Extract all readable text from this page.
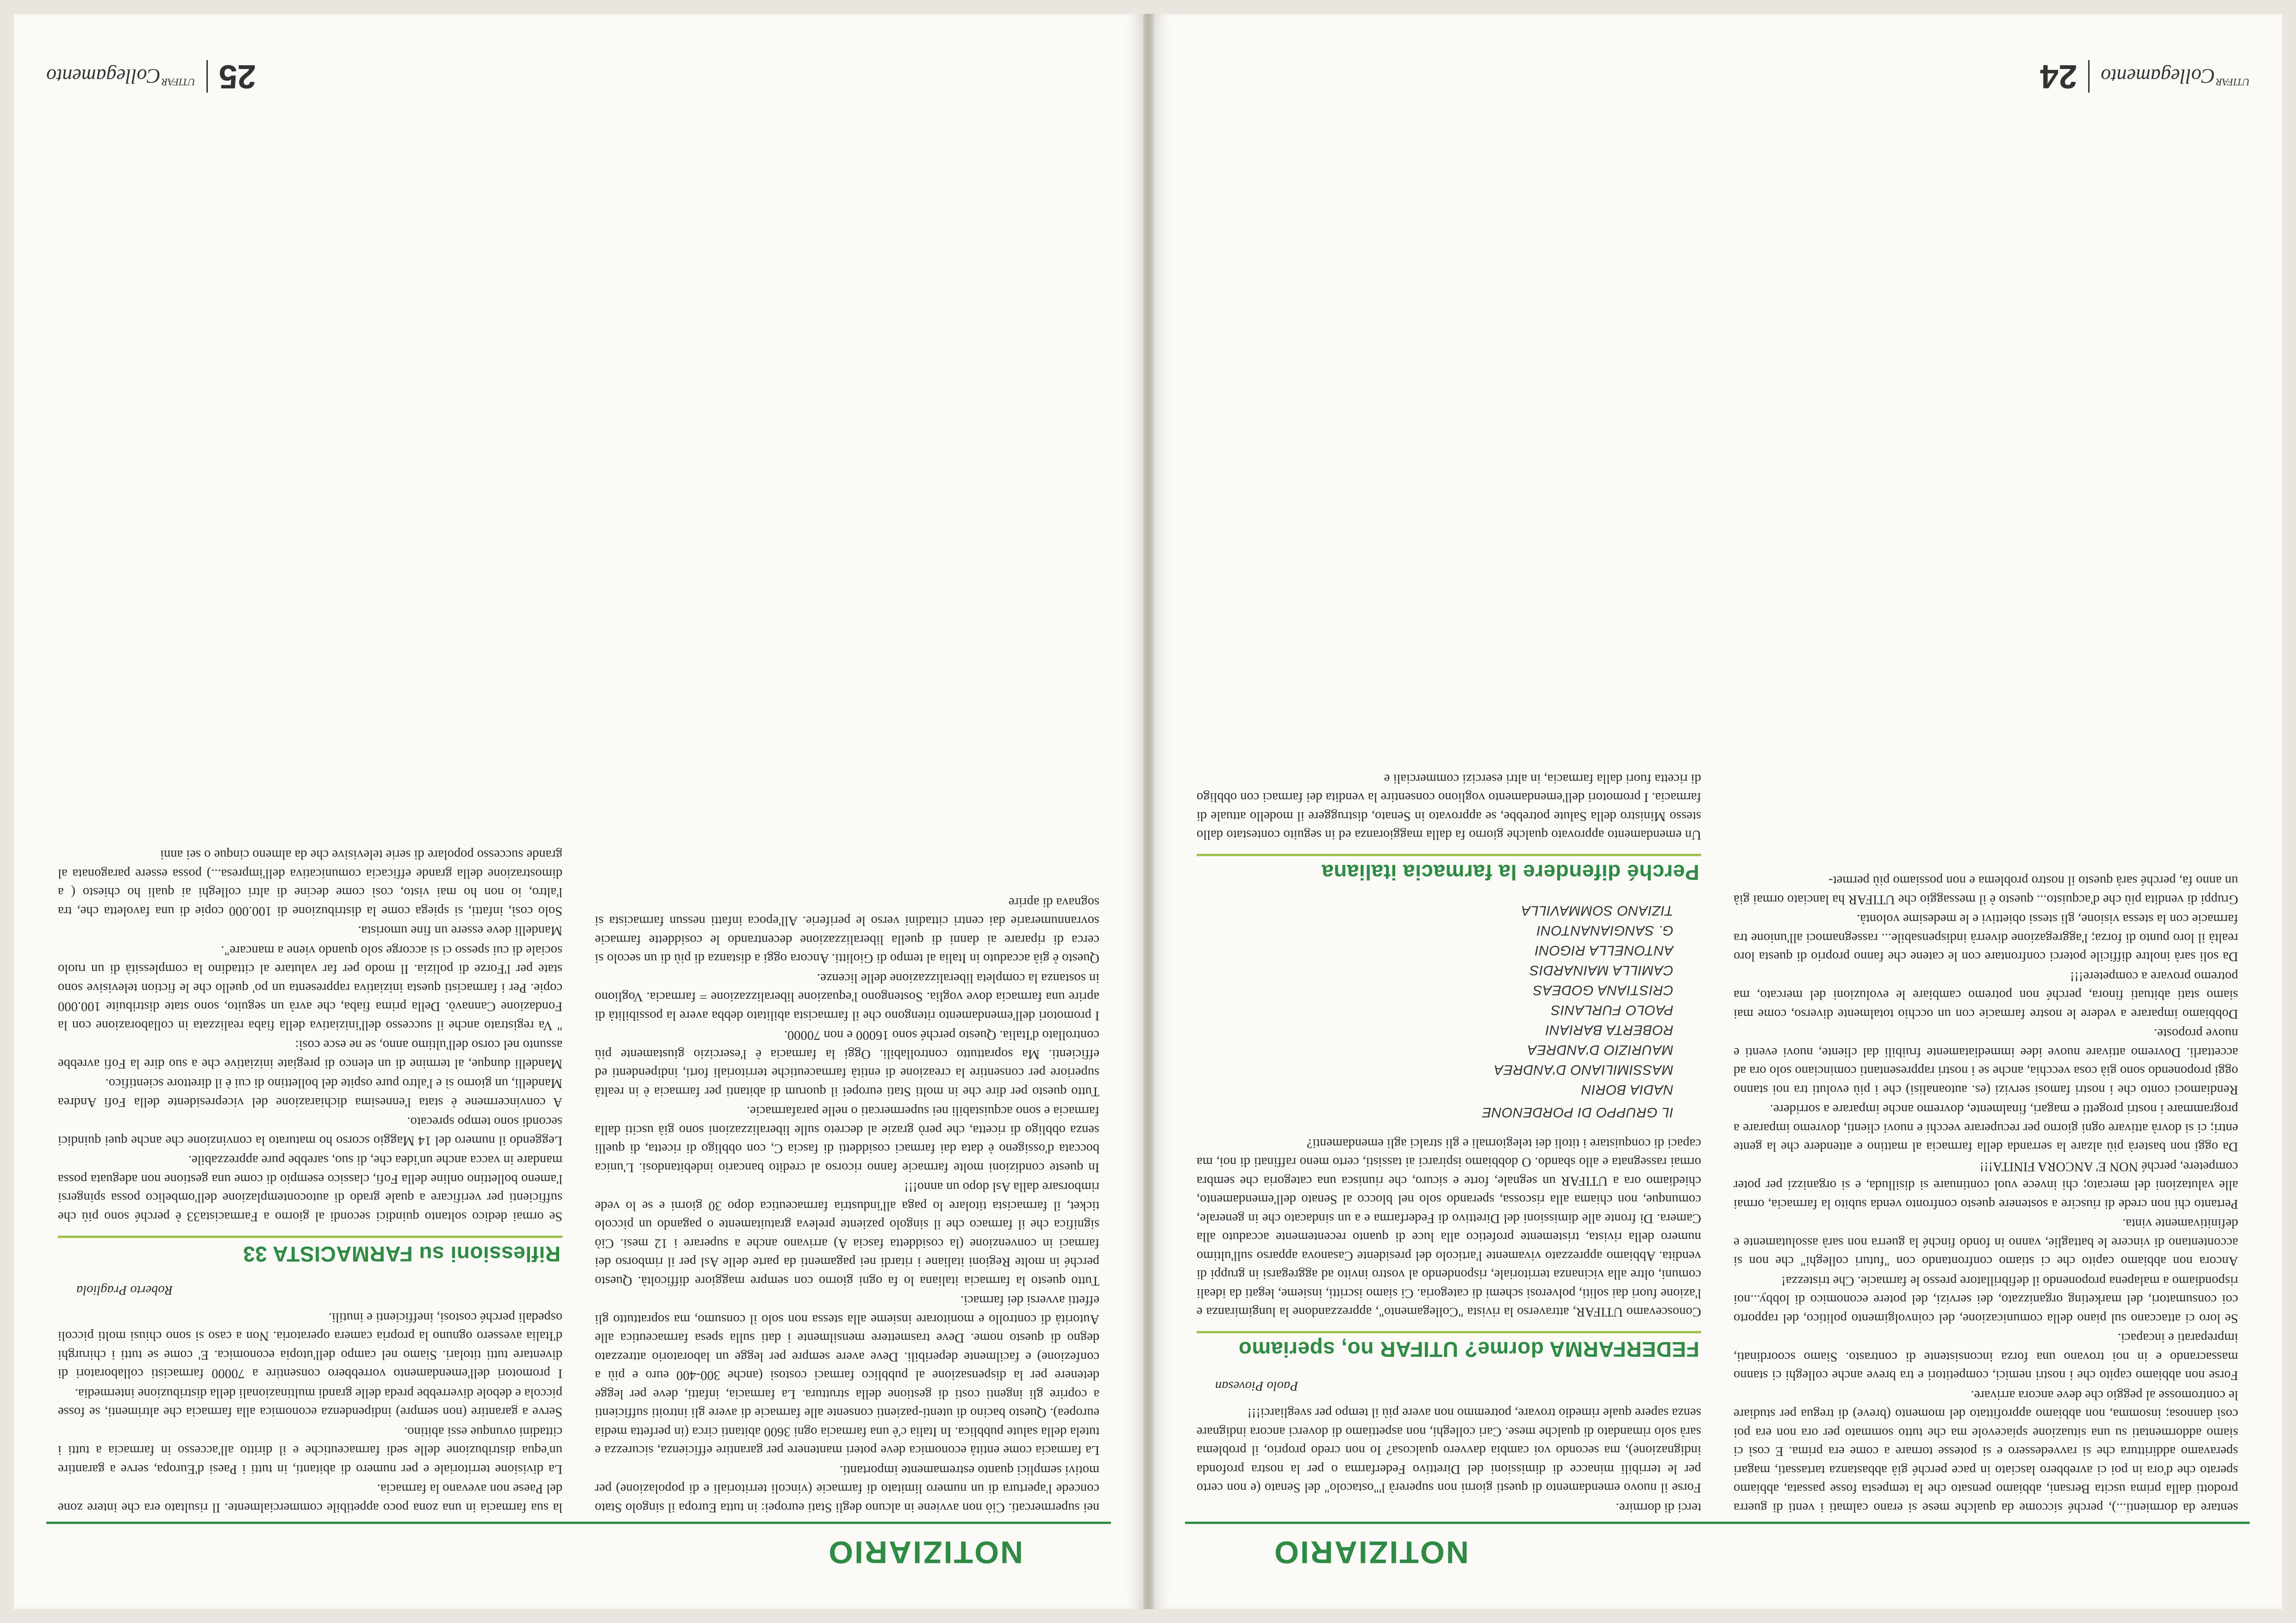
NOTIZIARIO

sentare da dormienti...), perché siccome da qualche mese si erano calmati i venti di guerra prodotti dalla prima uscita Bersani, abbiamo pensato che la tempesta fosse passata, abbiamo sperato che d'ora in poi ci avrebbero lasciato in pace perché già abbastanza tartassati, magari speravamo addirittura che si ravvedessero e si potesse tornare a come era prima. E così ci siamo addormentati su una situazione spiacevole ma che tutto sommato per ora non era poi così dannosa; insomma, non abbiamo approfittato del momento (breve) di tregua per studiare le contromosse al peggio che deve ancora arrivare.

Forse non abbiamo capito che i nostri nemici, competitori e tra breve anche colleghi ci stanno massacrando e in noi trovano una forza inconsistente di contrasto. Siamo scoordinati, impreparati e incapaci.

Se loro ci attaccano sul piano della comunicazione, del coinvolgimento politico, del rapporto coi consumatori, del marketing organizzato, dei servizi, del potere economico di lobby...noi rispondiamo a malapena proponendo il defibrillatore presso le farmacie. Che tristezza!

Ancora non abbiamo capito che ci stiamo confrontando con "futuri colleghi" che non si accontentano di vincere le battaglie, vanno in fondo finché la guerra non sarà assolutamente e definitivamente vinta.

Pertanto chi non crede di riuscire a sostenere questo confronto venda subito la farmacia, ormai alle valutazioni del mercato; chi invece vuol continuare si disilluda, e si organizzi per poter competere, perché NON E' ANCORA FINITA!!!

Da oggi non basterà più alzare la serranda della farmacia al mattino e attendere che la gente entri; ci si dovrà attivare ogni giorno per recuperare vecchi e nuovi clienti, dovremo imparare a programmare i nostri progetti e magari, finalmente, dovremo anche imparare a sorridere.

Rendiamoci conto che i nostri famosi servizi (es. autoanalisi) che i più evoluti tra noi stanno oggi proponendo sono già cosa vecchia, anche se i nostri rappresentanti cominciano solo ora ad accettarli. Dovremo attivare nuove idee immediatamente fruibili dal cliente, nuovi eventi e nuove proposte.

Dobbiamo imparare a vedere le nostre farmacie con un occhio totalmente diverso, come mai siamo stati abituati finora, perché non potremo cambiare le evoluzioni del mercato, ma potremo provare a competere!!!

Da soli sarà inoltre difficile poterci confrontare con le catene che fanno proprio di questa loro realtà il loro punto di forza; l'aggregazione diverrà indispensabile... rassegnamoci all'unione tra farmacie con la stessa visione, gli stessi obiettivi e le medesime volontà.

Gruppi di vendita più che d'acquisto... questo è il messaggio che UTIFAR ha lanciato ormai già un anno fa, perché sarà questo il nostro problema e non possiamo più permet-

terci di dormire.

Forse il nuovo emendamento di questi giorni non supererà l'"ostacolo" del Senato (e non certo per le terribili minacce di dimissioni del Direttivo Federfarma o per la nostra profonda indignazione), ma secondo voi cambia davvero qualcosa? Io non credo proprio, il problema sarà solo rimandato di qualche mese. Cari colleghi, non aspettiamo di doverci ancora indignare senza sapere quale rimedio trovare, potremmo non avere più il tempo per svegliarci!!!

Paolo Piovesan

FEDERFARMA dorme? UTIFAR no, speriamo

Conoscevamo UTIFAR, attraverso la rivista "Collegamento", apprezzandone la lungimiranza e l'azione fuori dai soliti, polverosi schemi di categoria. Ci siamo iscritti, insieme, legati da ideali comuni, oltre alla vicinanza territoriale, rispondendo al vostro invito ad aggregarsi in gruppi di vendita. Abbiamo apprezzato vivamente l'articolo del presidente Casanova apparso sull'ultimo numero della rivista, tristemente profetico alla luce di quanto recentemente accaduto alla Camera. Di fronte alle dimissioni del Direttivo di Federfarma e a un sindacato che in generale, comunque, non chiama alla riscossa, sperando solo nel blocco al Senato dell'emendamento, chiediamo ora a UTIFAR un segnale, forte e sicuro, che riunisca una categoria che sembra ormai rassegnata e allo sbando. O dobbiamo ispirarci ai tassisti, certo meno raffinati di noi, ma capaci di conquistare i titoli dei telegiornali e gli stralci agli emendamenti?

IL GRUPPO DI PORDENONE
NADIA BORIN
MASSIMILIANO D'ANDREA
MAURIZIO D'ANDREA
ROBERTA BARIANI
PAOLO FURLANIS
CRISTIANA GODEAS
CAMILLA MAINARDIS
ANTONELLA RIGONI
G. SANGIANANTONI
TIZIANO SOMMAVILLA
Perché difendere la farmacia italiana

Un emendamento approvato qualche giorno fa dalla maggioranza ed in seguito contestato dallo stesso Ministro della Salute potrebbe, se approvato in Senato, distruggere il modello attuale di farmacia. I promotori dell'emendamento vogliono consentire la vendita dei farmaci con obbligo di ricetta fuori dalla farmacia, in altri esercizi commerciali e

$^{UTIFAR}$Collegamento
24
NOTIZIARIO

nei supermercati. Ciò non avviene in alcuno degli Stati europei: in tutta Europa il singolo Stato concede l'apertura di un numero limitato di farmacie (vincoli territoriali e di popolazione) per motivi semplici quanto estremamente importanti.

La farmacia come entità economica deve poteri mantenere per garantire efficienza, sicurezza e tutela della salute pubblica. In Italia c'è una farmacia ogni 3600 abitanti circa (in perfetta media europea). Questo bacino di utenti-pazienti consente alle farmacie di avere gli introiti sufficienti a coprire gli ingenti costi di gestione della struttura. La farmacia, infatti, deve per legge detenere per la dispensazione al pubblico farmaci costosi (anche 300-400 euro e più a confezione) e facilmente deperibili. Deve avere sempre per legge un laboratorio attrezzato degno di questo nome. Deve trasmettere mensilmente i dati sulla spesa farmaceutica alle Autorità di controllo e monitorare insieme alla stessa non solo il consumo, ma soprattutto gli effetti avversi dei farmaci.

Tutto questo la farmacia italiana lo fa ogni giorno con sempre maggiore difficoltà. Questo perché in molte Regioni italiane i ritardi nei pagamenti da parte delle Asl per il rimborso dei farmaci in convenzione (la cosiddetta fascia A) arrivano anche a superare i 12 mesi. Ciò significa che il farmaco che il singolo paziente preleva gratuitamente o pagando un piccolo ticket, il farmacista titolare lo paga all'industria farmaceutica dopo 30 giorni e se lo vede rimborsare dalla Asl dopo un anno!!!

In queste condizioni molte farmacie fanno ricorso al credito bancario indebitandosi. L'unica boccata d'ossigeno è data dai farmaci cosiddetti di fascia C, con obbligo di ricetta, di quelli senza obbligo di ricetta, che però grazie al decreto sulle liberalizzazioni sono già usciti dalla farmacia e sono acquistabili nei supermercati o nelle parafarmacie.

Tutto questo per dire che in molti Stati europei il quorum di abitanti per farmacia è in realtà superiore per consentire la creazione di entità farmaceutiche territoriali forti, indipendenti ed efficienti. Ma soprattutto controllabili. Oggi la farmacia è l'esercizio giustamente più controllato d'Italia. Questo perché sono 16000 e non 70000.

I promotori dell'emendamento ritengono che il farmacista abilitato debba avere la possibilità di aprire una farmacia dove voglia. Sostengono l'equazione liberalizzazione = farmacia. Vogliono in sostanza la completa liberalizzazione delle licenze.

Questo è già accaduto in Italia al tempo di Giolitti. Ancora oggi a distanza di più di un secolo si cerca di riparare ai danni di quella liberalizzazione decentrando le cosiddette farmacie sovrannumerarie dai centri cittadini verso le periferie. All'epoca infatti nessun farmacista si sognava di aprire

la sua farmacia in una zona poco appetibile commercialmente. Il risultato era che intere zone del Paese non avevano la farmacia.

La divisione territoriale e per numero di abitanti, in tutti i Paesi d'Europa, serve a garantire un'equa distribuzione delle sedi farmaceutiche e il diritto all'accesso in farmacia a tutti i cittadini ovunque essi abitino.

Serve a garantire (non sempre) indipendenza economica alla farmacia che altrimenti, se fosse piccola e debole diverrebbe preda delle grandi multinazionali della distribuzione intermedia.

I promotori dell'emendamento vorrebbero consentire a 70000 farmacisti collaboratori di diventare tutti titolari. Siamo nel campo dell'utopia economica. E' come se tutti i chirurghi d'Italia avessero ognuno la propria camera operatoria. Non a caso si sono chiusi molti piccoli ospedali perché costosi, inefficienti e inutili.

Roberto Pragliola

Riflessioni su FARMACISTA 33

Se ormai dedico soltanto quindici secondi al giorno a Farmacista33 è perché sono più che sufficienti per verificare a quale grado di autocontemplazione dell'ombelico possa spingersi l'ameno bollettino online della Fofi, classico esempio di come una gestione non adeguata possa mandare in vacca anche un'idea che, di suo, sarebbe pure apprezzabile.

Leggendo il numero del 14 Maggio scorso ho maturato la convinzione che anche quei quindici secondi sono tempo sprecato.

A convincermene è stata l'ennesima dichiarazione del vicepresidente della Fofi Andrea Mandelli, un giorno sì e l'altro pure ospite del bollettino di cui è il direttore scientifico.

Mandelli dunque, al termine di un elenco di pregiate iniziative che a suo dire la Fofi avrebbe assunto nel corso dell'ultimo anno, se ne esce così:

" Va registrato anche il successo dell'iniziativa della fiaba realizzata in collaborazione con la Fondazione Cannavò. Della prima fiaba, che avrà un seguito, sono state distribuite 100.000 copie. Per i farmacisti questa iniziativa rappresenta un po' quello che le fiction televisive sono state per l'Forze di polizia. Il modo per far valutare al cittadino la complessità di un ruolo sociale di cui spesso ci si accorge solo quando viene a mancare".

Mandelli deve essere un fine umorista.

Solo così, infatti, si spiega come la distribuzione di 100.000 copie di una favoletta che, tra l'altro, io non ho mai visto, così come decine di altri colleghi ai quali ho chiesto ( a dimostrazione della grande efficacia comunicativa dell'impresa...) possa essere paragonata al grande successo popolare di serie televisive che da almeno cinque o sei anni

25
$^{UTIFAR}$Collegamento
